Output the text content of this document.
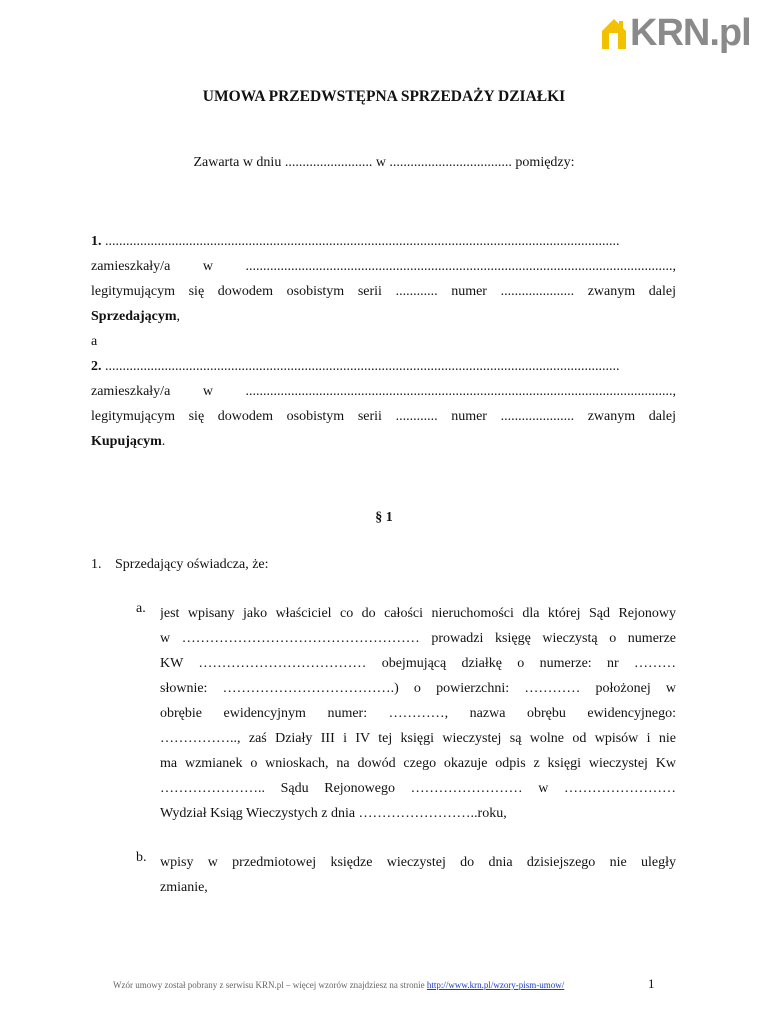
KRN.pl
UMOWA PRZEDWSTĘPNA SPRZEDAŻY DZIAŁKI
Zawarta w dniu ......................... w ................................... pomiędzy:
1. ...................................................................................................................................................
zamieszkały/a w ..........................................................................................................................,
legitymującym się dowodem osobistym serii ............ numer ..................... zwanym dalej
Sprzedającym,
a
2. ...................................................................................................................................................
zamieszkały/a w ..........................................................................................................................,
legitymującym się dowodem osobistym serii ............ numer ..................... zwanym dalej
Kupującym.
§ 1
1. Sprzedający oświadcza, że:
a. jest wpisany jako właściciel co do całości nieruchomości dla której Sąd Rejonowy
w …………………………………………… prowadzi księgę wieczystą o numerze
KW ……………………………… obejmującą działkę o numerze: nr ………
słownie: ……………………………….) o powierzchni: ………… położonej w
obrębie ewidencyjnym numer: …………, nazwa obrębu ewidencyjnego:
…………….., zaś Działy III i IV tej księgi wieczystej są wolne od wpisów i nie
ma wzmianek o wnioskach, na dowód czego okazuje odpis z księgi wieczystej Kw
………………….. Sądu Rejonowego …………………… w ……………………
Wydział Ksiąg Wieczystych z dnia ……………………..roku,
b. wpisy w przedmiotowej księdze wieczystej do dnia dzisiejszego nie uległy
zmianie,
Wzór umowy został pobrany z serwisu KRN.pl – więcej wzorów znajdziesz na stronie http://www.krn.pl/wzory-pism-umow/	1
